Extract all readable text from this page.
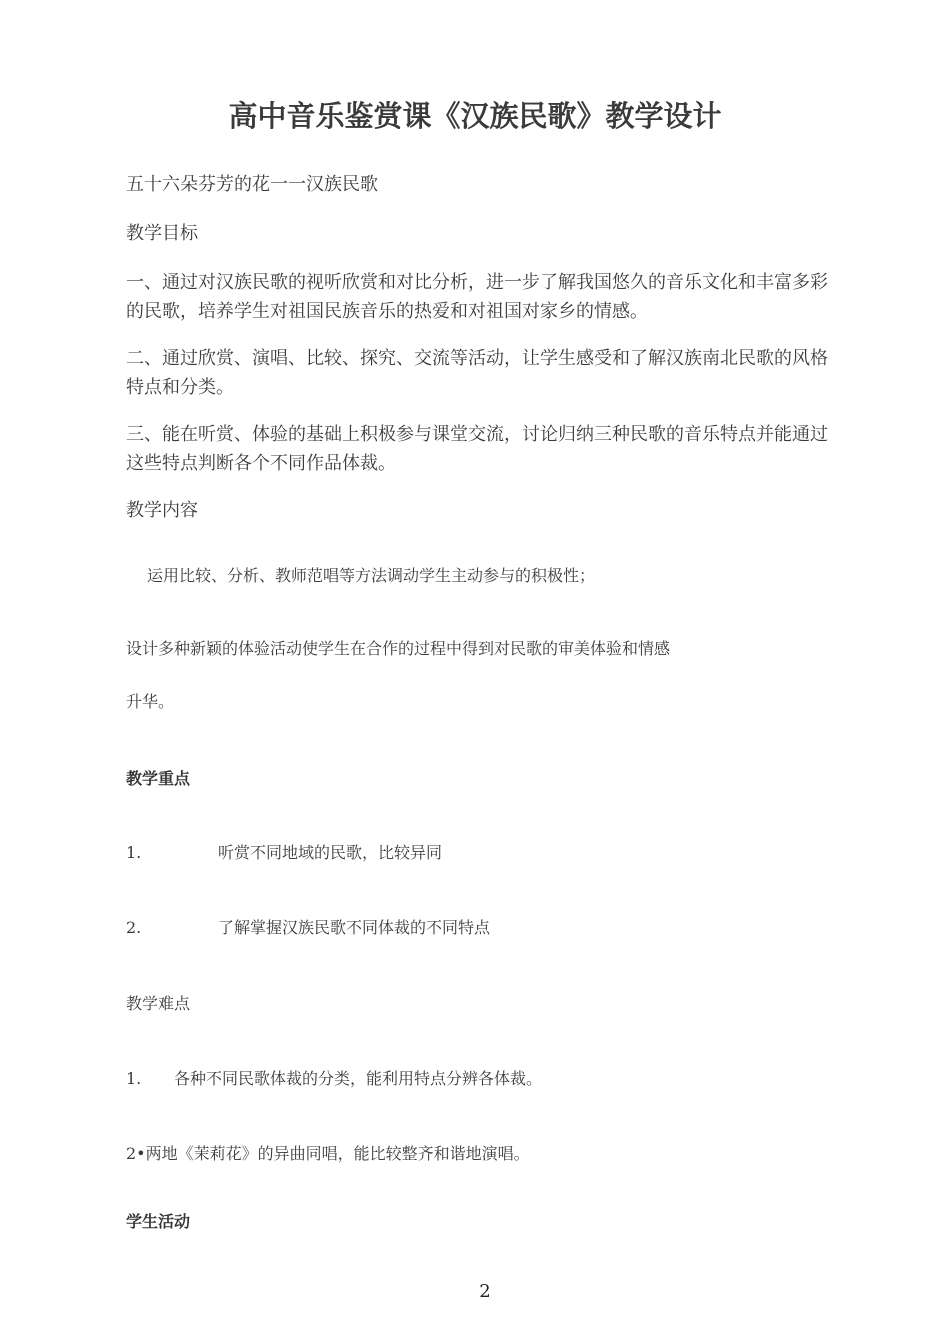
高中音乐鉴赏课《汉族民歌》教学设计

五十六朵芬芳的花一一汉族民歌

教学目标

一、通过对汉族民歌的视听欣赏和对比分析，进一步了解我国悠久的音乐文化和丰富多彩的民歌，培养学生对祖国民族音乐的热爱和对祖国对家乡的情感。

二、通过欣赏、演唱、比较、探究、交流等活动，让学生感受和了解汉族南北民歌的风格特点和分类。

三、能在听赏、体验的基础上积极参与课堂交流，讨论归纳三种民歌的音乐特点并能通过这些特点判断各个不同作品体裁。

教学内容

运用比较、分析、教师范唱等方法调动学生主动参与的积极性；

设计多种新颖的体验活动使学生在合作的过程中得到对民歌的审美体验和情感

升华。

教学重点

1.	听赏不同地域的民歌，比较异同

2.	了解掌握汉族民歌不同体裁的不同特点

教学难点

1. 各种不同民歌体裁的分类，能利用特点分辨各体裁。

2•两地《茉莉花》的异曲同唱，能比较整齐和谐地演唱。

学生活动

2
